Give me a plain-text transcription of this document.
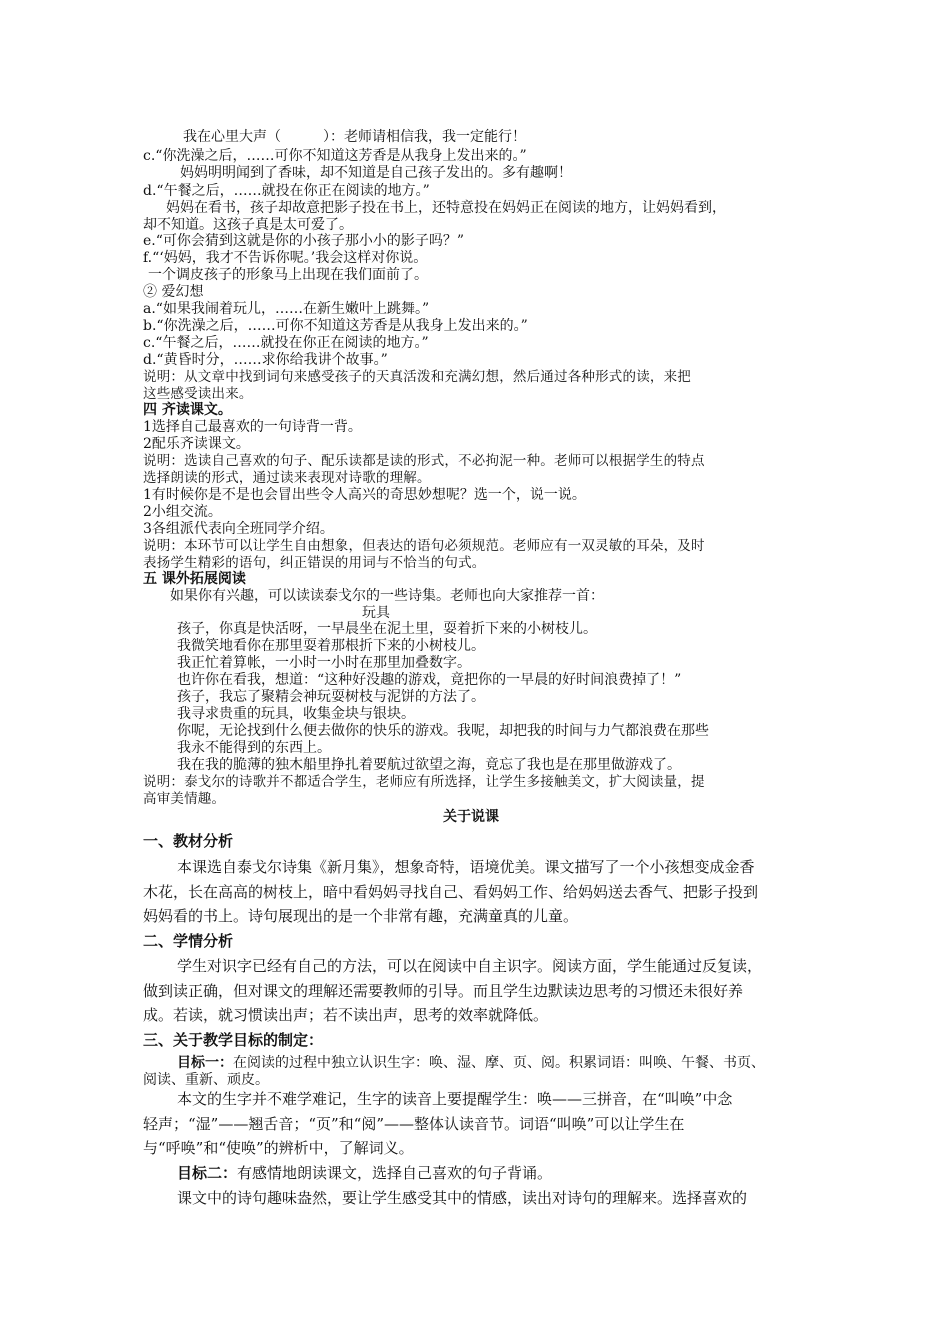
我在心里大声（　　　）：老师请相信我，我一定能行！
c.“你洗澡之后，……可你不知道这芳香是从我身上发出来的。”
妈妈明明闻到了香味，却不知道是自己孩子发出的。多有趣啊！
d.“午餐之后，……就投在你正在阅读的地方。”
妈妈在看书，孩子却故意把影子投在书上，还特意投在妈妈正在阅读的地方，让妈妈看到，
却不知道。这孩子真是太可爱了。
e.“可你会猜到这就是你的小孩子那小小的影子吗？”
f.“‘妈妈，我才不告诉你呢。’我会这样对你说。
一个调皮孩子的形象马上出现在我们面前了。
② 爱幻想
a.“如果我闹着玩儿，……在新生嫩叶上跳舞。”
b.“你洗澡之后，……可你不知道这芳香是从我身上发出来的。”
c.“午餐之后，……就投在你正在阅读的地方。”
d.“黄昏时分，……求你给我讲个故事。”
说明：从文章中找到词句来感受孩子的天真活泼和充满幻想，然后通过各种形式的读，来把
这些感受读出来。
四 齐读课文。
1选择自己最喜欢的一句诗背一背。
2配乐齐读课文。
说明：选读自己喜欢的句子、配乐读都是读的形式，不必拘泥一种。老师可以根据学生的特点
选择朗读的形式，通过读来表现对诗歌的理解。
1有时候你是不是也会冒出些令人高兴的奇思妙想呢？选一个，说一说。
2小组交流。
3各组派代表向全班同学介绍。
说明：本环节可以让学生自由想象，但表达的语句必须规范。老师应有一双灵敏的耳朵，及时
表扬学生精彩的语句，纠正错误的用词与不恰当的句式。
五 课外拓展阅读
如果你有兴趣，可以读读泰戈尔的一些诗集。老师也向大家推荐一首：
玩具
孩子，你真是快活呀，一早晨坐在泥土里，耍着折下来的小树枝儿。
我微笑地看你在那里耍着那根折下来的小树枝儿。
我正忙着算帐，一小时一小时在那里加叠数字。
也许你在看我，想道：“这种好没趣的游戏，竟把你的一早晨的好时间浪费掉了！”
孩子，我忘了聚精会神玩耍树枝与泥饼的方法了。
我寻求贵重的玩具，收集金块与银块。
你呢，无论找到什么便去做你的快乐的游戏。我呢，却把我的时间与力气都浪费在那些
我永不能得到的东西上。
我在我的脆薄的独木船里挣扎着要航过欲望之海，竟忘了我也是在那里做游戏了。
说明：泰戈尔的诗歌并不都适合学生，老师应有所选择，让学生多接触美文，扩大阅读量，提
高审美情趣。
关于说课
一、教材分析
本课选自泰戈尔诗集《新月集》，想象奇特，语境优美。课文描写了一个小孩想变成金香
木花，长在高高的树枝上，暗中看妈妈寻找自己、看妈妈工作、给妈妈送去香气、把影子投到
妈妈看的书上。诗句展现出的是一个非常有趣，充满童真的儿童。
二、学情分析
学生对识字已经有自己的方法，可以在阅读中自主识字。阅读方面，学生能通过反复读，
做到读正确，但对课文的理解还需要教师的引导。而且学生边默读边思考的习惯还未很好养
成。若读，就习惯读出声；若不读出声，思考的效率就降低。
三、关于教学目标的制定：
目标一：在阅读的过程中独立认识生字：唤、湿、摩、页、阅。积累词语：叫唤、午餐、书页、
阅读、重新、顽皮。
本文的生字并不难学难记，生字的读音上要提醒学生：唤——三拼音，在“叫唤”中念
轻声；“湿”——翘舌音；“页”和“阅”——整体认读音节。词语“叫唤”可以让学生在
与“呼唤”和“使唤”的辨析中，了解词义。
目标二：有感情地朗读课文，选择自己喜欢的句子背诵。
课文中的诗句趣味盎然，要让学生感受其中的情感，读出对诗句的理解来。选择喜欢的
